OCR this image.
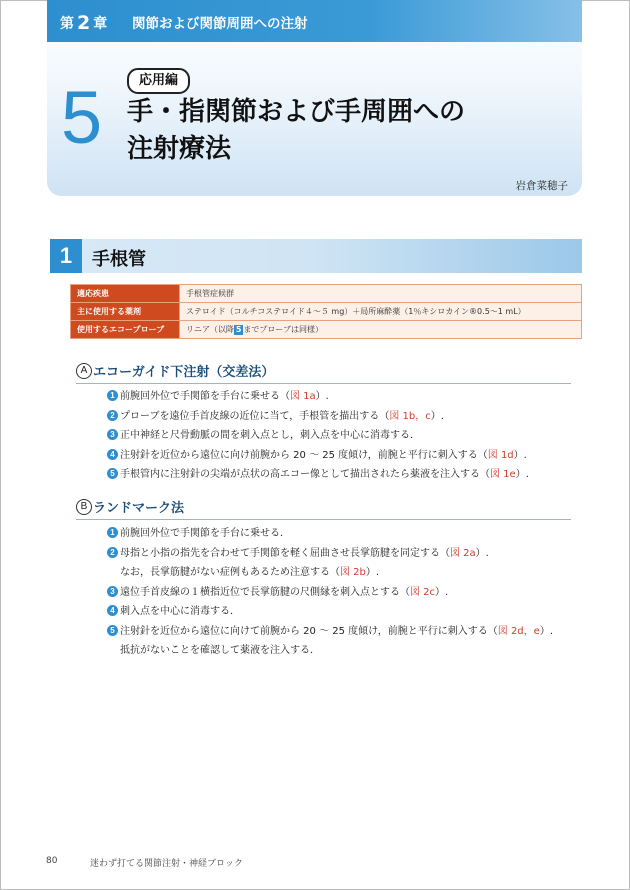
第 2 章 関節および関節周囲への注射
5	応用編
手・指関節および手周囲への
注射療法
岩倉菜穂子
1	手根管
適応疾患	手根管症候群
主に使用する薬剤	ステロイド（コルチコステロイド４～５ mg）＋局所麻酔薬（1％キシロカイン®0.5～1 mL）
使用するエコープローブ	リニア（以降 5 までプローブは同様）
A エコーガイド下注射（交差法）
1 前腕回外位で手関節を手台に乗せる（図 1a）.
2 プローブを遠位手首皮線の近位に当て，手根管を描出する（図 1b，c）.
3 正中神経と尺骨動脈の間を刺入点とし，刺入点を中心に消毒する．
4 注射針を近位から遠位に向け前腕から 20 ～ 25 度傾け，前腕と平行に刺入する（図 1d）.
5 手根管内に注射針の尖端が点状の高エコー像として描出されたら薬液を注入する（図 1e）.
B ランドマーク法
1 前腕回外位で手関節を手台に乗せる．
2 母指と小指の指先を合わせて手関節を軽く屈曲させ長掌筋腱を同定する（図 2a）.
なお，長掌筋腱がない症例もあるため注意する（図 2b）.
3 遠位手首皮線の１横指近位で長掌筋腱の尺側縁を刺入点とする（図 2c）.
4 刺入点を中心に消毒する．
5 注射針を近位から遠位に向けて前腕から 20 ～ 25 度傾け，前腕と平行に刺入する（図 2d，e）.
抵抗がないことを確認して薬液を注入する．
80	迷わず打てる関節注射・神経ブロック
